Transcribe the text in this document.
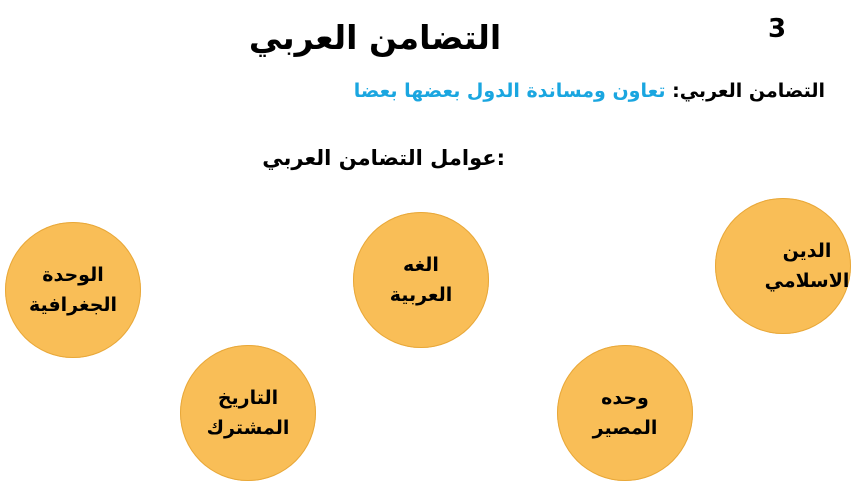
التضامن العربي	3
التضامن العربي: تعاون ومساندة الدول بعضها بعضا
:عوامل التضامن العربي
الدين
الاسلامي
الغه
العربية
الوحدة
الجغرافية
التاريخ
المشترك
وحده
المصير
